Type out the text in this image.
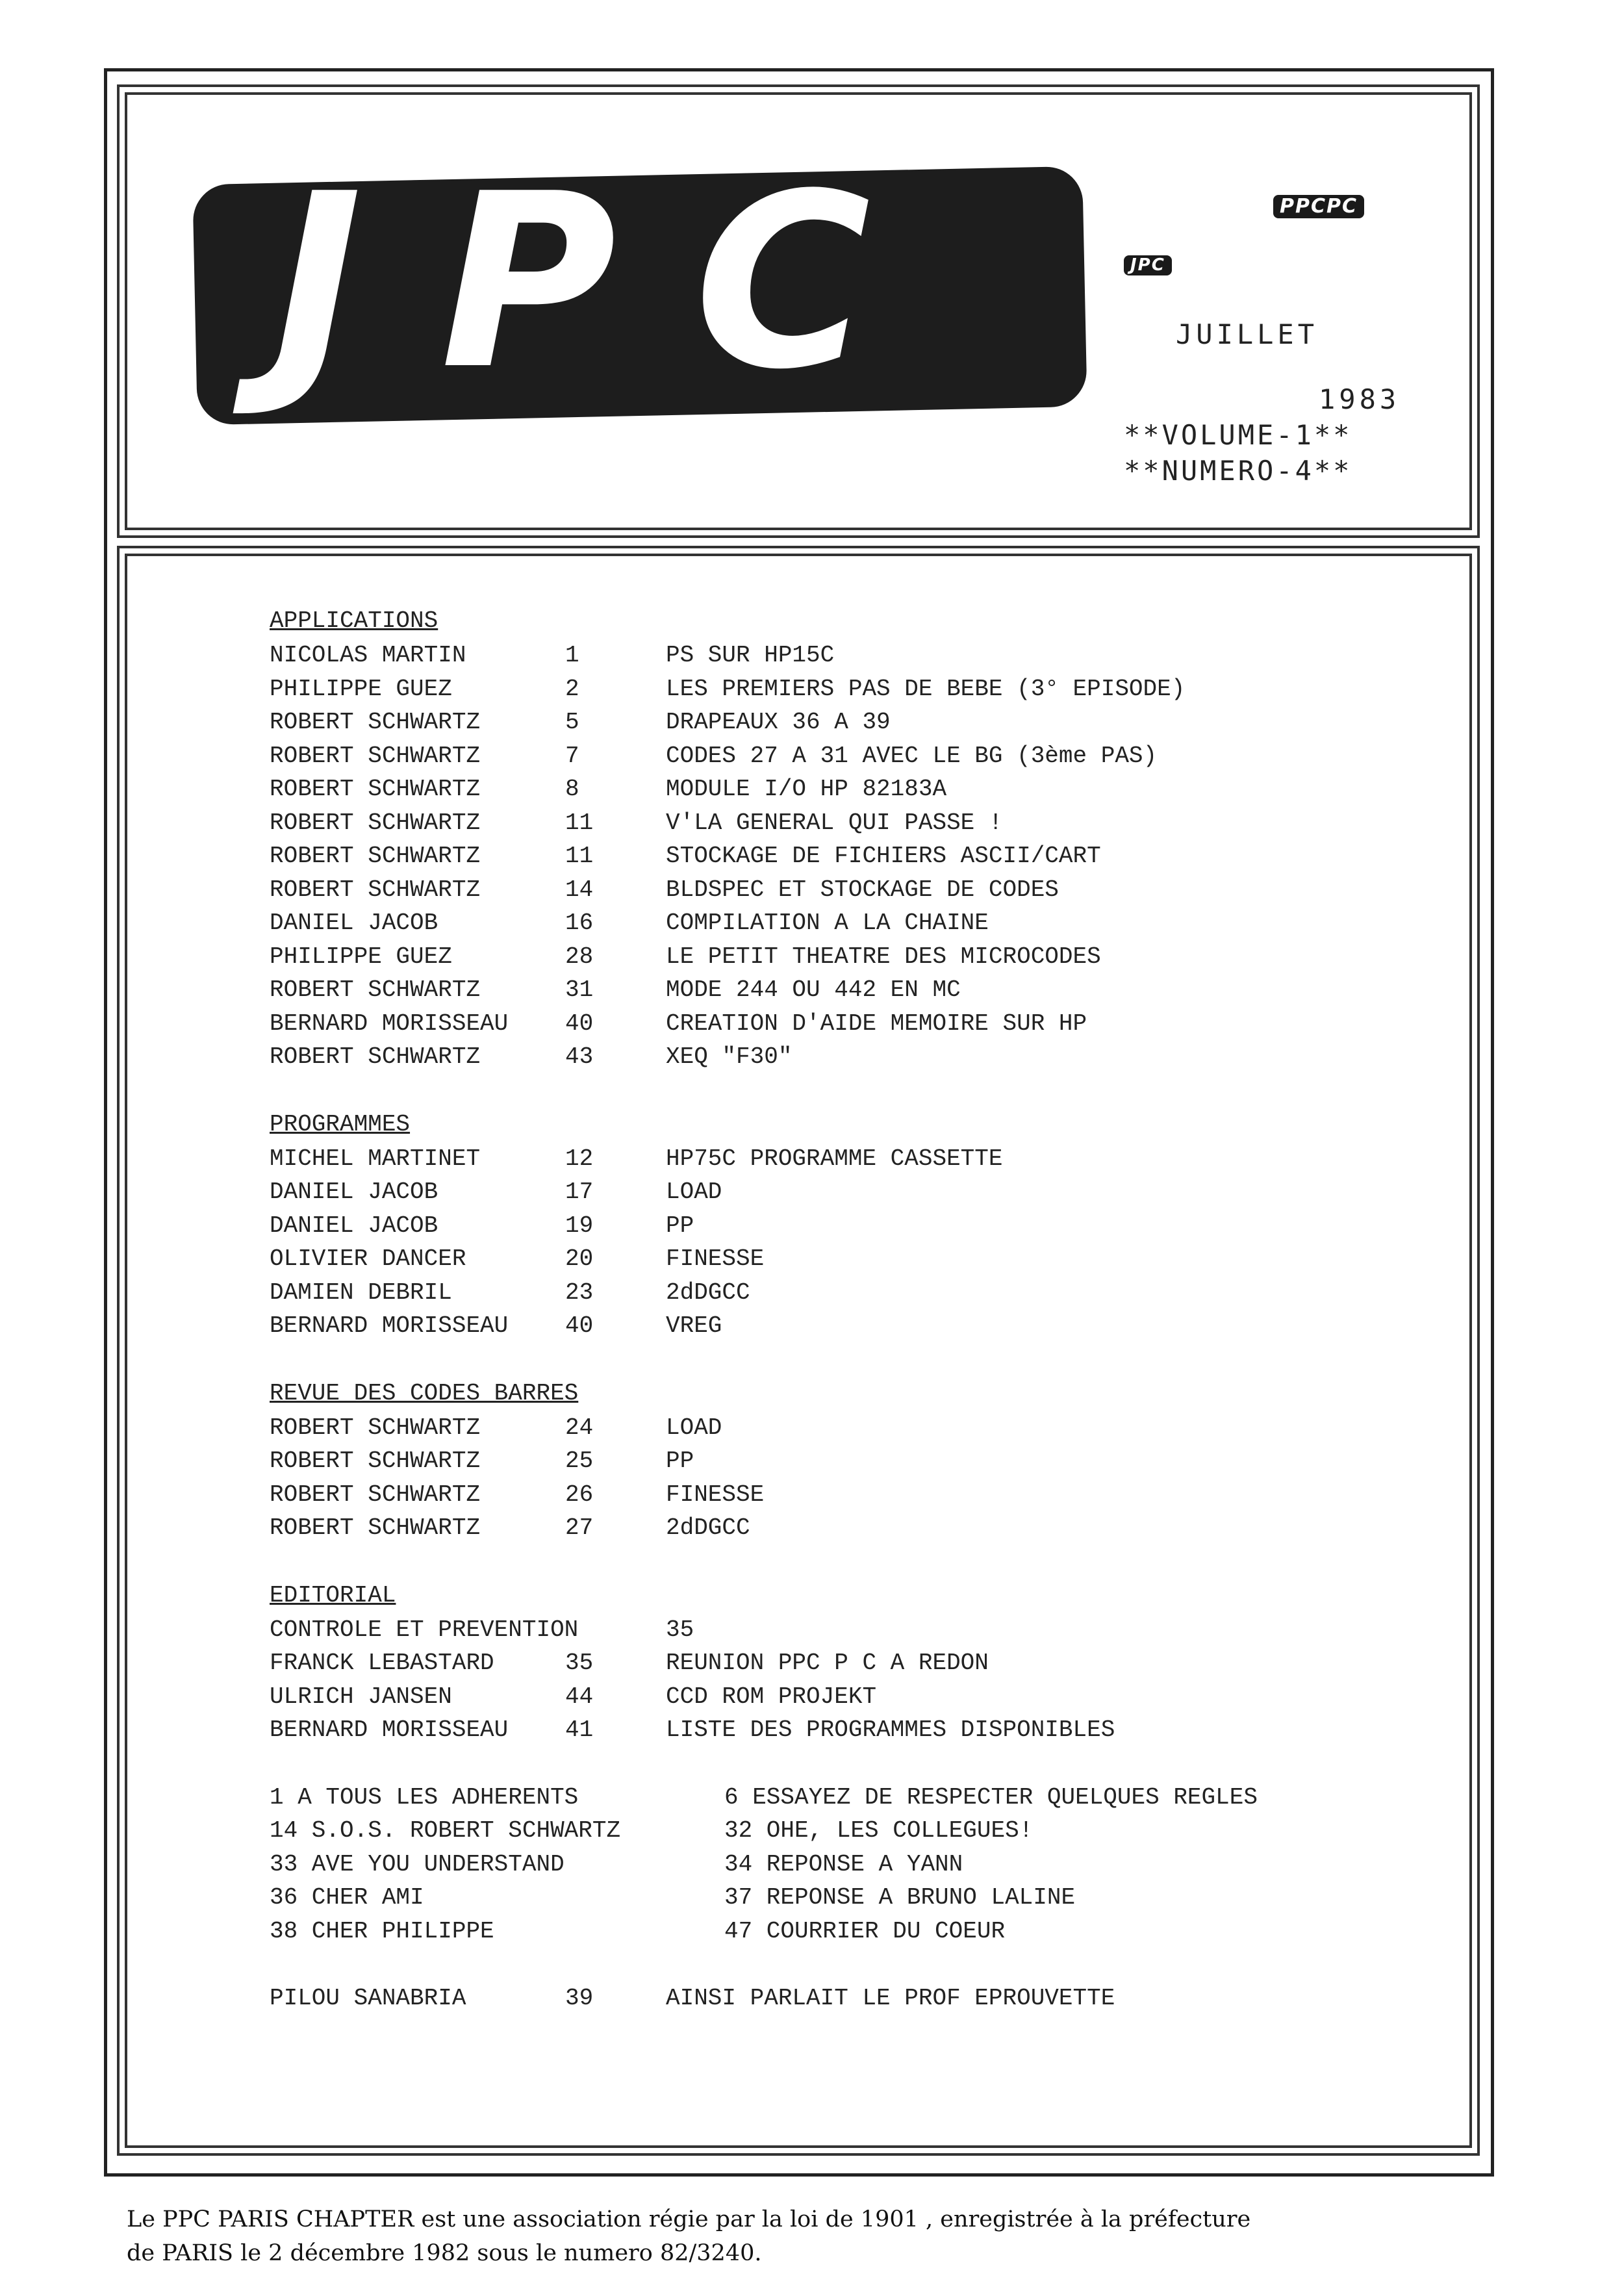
JPC	PPCPC
JPC
JUILLET
1983
**VOLUME-1**
**NUMERO-4**
APPLICATIONS
NICOLAS MARTIN	1	PS SUR HP15C
PHILIPPE GUEZ	2	LES PREMIERS PAS DE BEBE (3° EPISODE)
ROBERT SCHWARTZ	5	DRAPEAUX 36 A 39
ROBERT SCHWARTZ	7	CODES 27 A 31 AVEC LE BG (3ème PAS)
ROBERT SCHWARTZ	8	MODULE I/O HP 82183A
ROBERT SCHWARTZ	11	V'LA GENERAL QUI PASSE !
ROBERT SCHWARTZ	11	STOCKAGE DE FICHIERS ASCII/CART
ROBERT SCHWARTZ	14	BLDSPEC ET STOCKAGE DE CODES
DANIEL JACOB	16	COMPILATION A LA CHAINE
PHILIPPE GUEZ	28	LE PETIT THEATRE DES MICROCODES
ROBERT SCHWARTZ	31	MODE 244 OU 442 EN MC
BERNARD MORISSEAU 40	CREATION D'AIDE MEMOIRE SUR HP
ROBERT SCHWARTZ	43	XEQ "F30"
PROGRAMMES
MICHEL MARTINET	12	HP75C PROGRAMME CASSETTE
DANIEL JACOB	17	LOAD
DANIEL JACOB	19	PP
OLIVIER DANCER	20	FINESSE
DAMIEN DEBRIL	23	2dDGCC
BERNARD MORISSEAU 40	VREG
REVUE DES CODES BARRES
ROBERT SCHWARTZ	24	LOAD
ROBERT SCHWARTZ	25	PP
ROBERT SCHWARTZ	26	FINESSE
ROBERT SCHWARTZ	27	2dDGCC
EDITORIAL
CONTROLE ET PREVENTION	35
FRANCK LEBASTARD	35	REUNION PPC P C A REDON
ULRICH JANSEN	44	CCD ROM PROJEKT
BERNARD MORISSEAU 41	LISTE DES PROGRAMMES DISPONIBLES
1 A TOUS LES ADHERENTS	6 ESSAYEZ DE RESPECTER QUELQUES REGLES
14 S.O.S. ROBERT SCHWARTZ	32 OHE, LES COLLEGUES!
33 AVE YOU UNDERSTAND	34 REPONSE A YANN
36 CHER AMI	37 REPONSE A BRUNO LALINE
38 CHER PHILIPPE	47 COURRIER DU COEUR
PILOU SANABRIA	39	AINSI PARLAIT LE PROF EPROUVETTE
Le PPC PARIS CHAPTER est une association régie par la loi de 1901 , enregistrée à la préfecture
de PARIS le 2 décembre 1982 sous le numero 82/3240.
